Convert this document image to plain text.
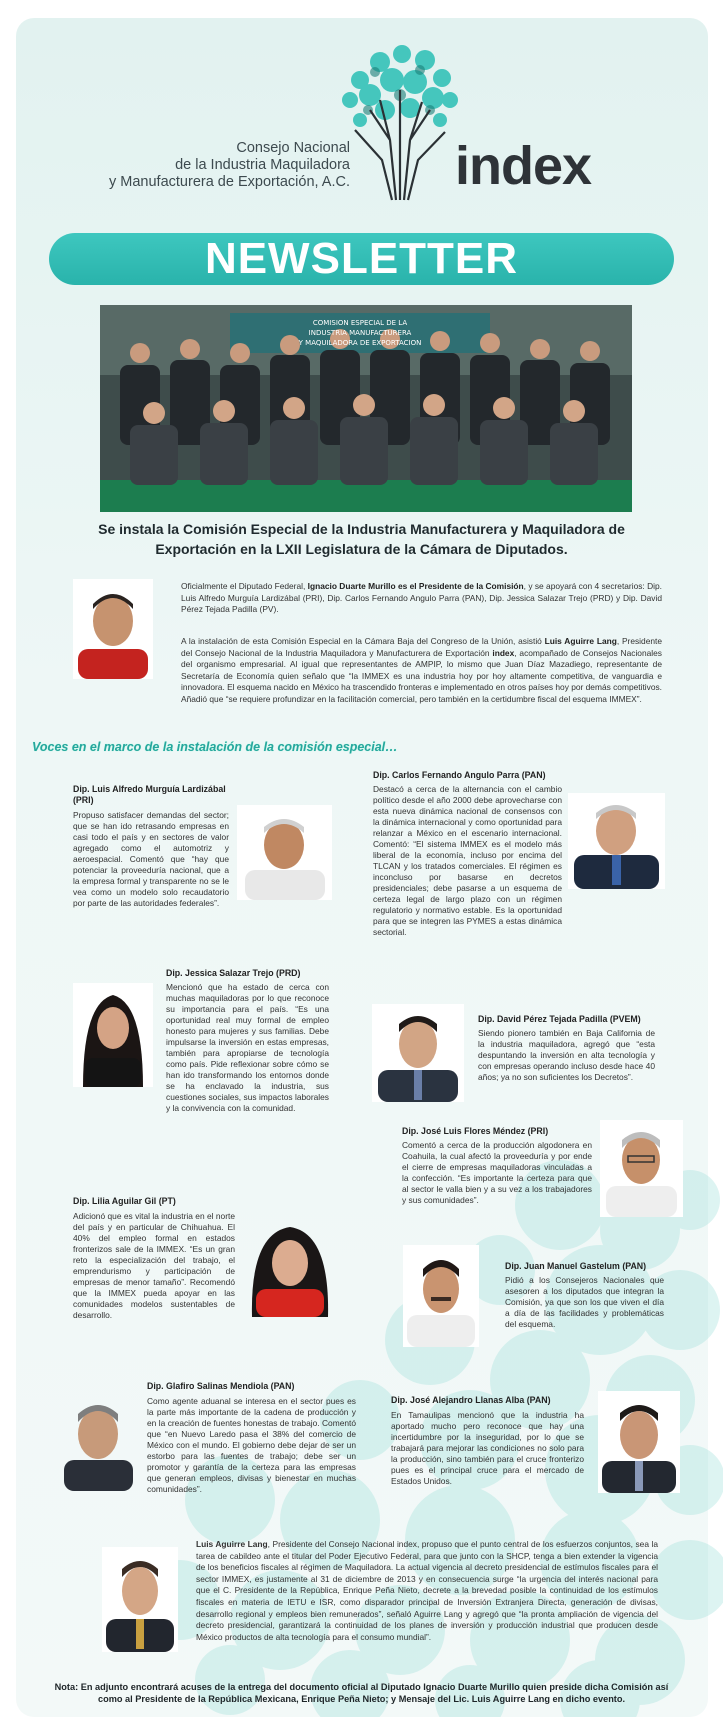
Consejo Nacional
de la Industria Maquiladora
y Manufacturera de Exportación, A.C. index
NEWSLETTER
COMISION ESPECIAL DE LA
INDUSTRIA MANUFACTURERA
Y MAQUILADORA DE EXPORTACION
Se instala la Comisión Especial de la Industria Manufacturera y Maquiladora de
Exportación en la LXII Legislatura de la Cámara de Diputados.
Oficialmente el Diputado Federal, Ignacio Duarte Murillo es el Presidente de la Comisión, y se apoyará con 4 secretarios: Dip. Luis Alfredo Murguía Lardizábal (PRI), Dip. Carlos Fernando Angulo Parra (PAN), Dip. Jessica Salazar Trejo (PRD) y Dip. David Pérez Tejada Padilla (PV).
A la instalación de esta Comisión Especial en la Cámara Baja del Congreso de la Unión, asistió Luis Aguirre Lang, Presidente del Consejo Nacional de la Industria Maquiladora y Manufacturera de Exportación index, acompañado de Consejos Nacionales del organismo empresarial. Al igual que representantes de AMPIP, lo mismo que Juan Díaz Mazadiego, representante de Secretaría de Economía quien señalo que “la IMMEX es una industria hoy por hoy altamente competitiva, de vanguardia e innovadora. El esquema nacido en México ha trascendido fronteras e implementado en otros países hoy por demás competitivos. Añadió que “se requiere profundizar en la facilitación comercial, pero también en la certidumbre fiscal del esquema IMMEX”.
Voces en el marco de la instalación de la comisión especial…
Dip. Luis Alfredo Murguía Lardizábal (PRI)
Propuso satisfacer demandas del sector; que se han ido retrasando empresas en casi todo el país y en sectores de valor agregado como el automotriz y aeroespacial. Comentó que “hay que potenciar la proveeduría nacional, que a la empresa formal y transparente no se le vea como un modelo solo recaudatorio por parte de las autoridades federales”.
Dip. Carlos Fernando Angulo Parra (PAN)
Destacó a cerca de la alternancia con el cambio político desde el año 2000 debe aprovecharse con esta nueva dinámica nacional de consensos con la dinámica internacional y como oportunidad para relanzar a México en el escenario internacional. Comentó: “El sistema IMMEX es el modelo más liberal de la economía, incluso por encima del TLCAN y los tratados comerciales. El régimen es inconcluso por basarse en decretos presidenciales; debe pasarse a un esquema de certeza legal de largo plazo con un régimen regulatorio y normativo estable. Es la oportunidad para que se integren las PYMES a estas dinámica sectorial.
Dip. Jessica Salazar Trejo (PRD)
Mencionó que ha estado de cerca con muchas maquiladoras por lo que reconoce su importancia para el país. “Es una oportunidad real muy formal de empleo honesto para mujeres y sus familias. Debe impulsarse la inversión en estas empresas, también para apropiarse de tecnología como país. Pide reflexionar sobre cómo se han ido transformando los entornos donde se ha enclavado la industria, sus cuestiones sociales, sus impactos laborales y la convivencia con la comunidad.
Dip. David Pérez Tejada Padilla (PVEM)
Siendo pionero también en Baja California de la industria maquiladora, agregó que “esta despuntando la inversión en alta tecnología y con empresas operando incluso desde hace 40 años; ya no son suficientes los Decretos”.
Dip. José Luis Flores Méndez (PRI)
Comentó a cerca de la producción algodonera en Coahuila, la cual afectó la proveeduría y por ende el cierre de empresas maquiladoras vinculadas a la confección. “Es importante la certeza para que al sector le valla bien y a su vez a los trabajadores y sus comunidades”.
Dip. Lilia Aguilar Gil (PT)
Adicionó que es vital la industria en el norte del país y en particular de Chihuahua. El 40% del empleo formal en estados fronterizos sale de la IMMEX. “Es un gran reto la especialización del trabajo, el emprendurismo y participación de empresas de menor tamaño”. Recomendó que la IMMEX pueda apoyar en las comunidades modelos sustentables de desarrollo.
Dip. Juan Manuel Gastelum (PAN)
Pidió a los Consejeros Nacionales que asesoren a los diputados que integran la Comisión, ya que son los que viven el día a día de las facilidades y problemáticas del esquema.
Dip. Glafiro Salinas Mendiola (PAN)
Como agente aduanal se interesa en el sector pues es la parte más importante de la cadena de producción y en la creación de fuentes honestas de trabajo. Comentó que “en Nuevo Laredo pasa el 38% del comercio de México con el mundo. El gobierno debe dejar de ser un estorbo para las fuentes de trabajo; debe ser un promotor y garantía de la certeza para las empresas que generan empleos, divisas y bienestar en muchas comunidades”.
Dip. José Alejandro Llanas Alba (PAN)
En Tamaulipas mencionó que la industria ha aportado mucho pero reconoce que hay una incertidumbre por la inseguridad, por lo que se trabajará para mejorar las condiciones no solo para la producción, sino también para el cruce fronterizo pues es el principal cruce para el mercado de Estados Unidos.
Luis Aguirre Lang, Presidente del Consejo Nacional index, propuso que el punto central de los esfuerzos conjuntos, sea la tarea de cabildeo ante el titular del Poder Ejecutivo Federal, para que junto con la SHCP, tenga a bien extender la vigencia de los beneficios fiscales al régimen de Maquiladora. La actual vigencia al decreto presidencial de estímulos fiscales para el sector IMMEX, es justamente al 31 de diciembre de 2013 y en consecuencia surge “la urgencia del interés nacional para que el C. Presidente de la República, Enrique Peña Nieto, decrete a la brevedad posible la continuidad de los estímulos fiscales en materia de IETU e ISR, como disparador principal de Inversión Extranjera Directa, generación de divisas, desarrollo regional y empleos bien remunerados”, señaló Aguirre Lang y agregó que “la pronta ampliación de vigencia del decreto presidencial, garantizará la continuidad de los planes de inversión y producción industrial que producen desde México productos de alta tecnología para el consumo mundial”.
Nota: En adjunto encontrará acuses de la entrega del documento oficial al Diputado Ignacio Duarte Murillo quien preside dicha Comisión así
como al Presidente de la República Mexicana, Enrique Peña Nieto; y Mensaje del Lic. Luis Aguirre Lang en dicho evento.
